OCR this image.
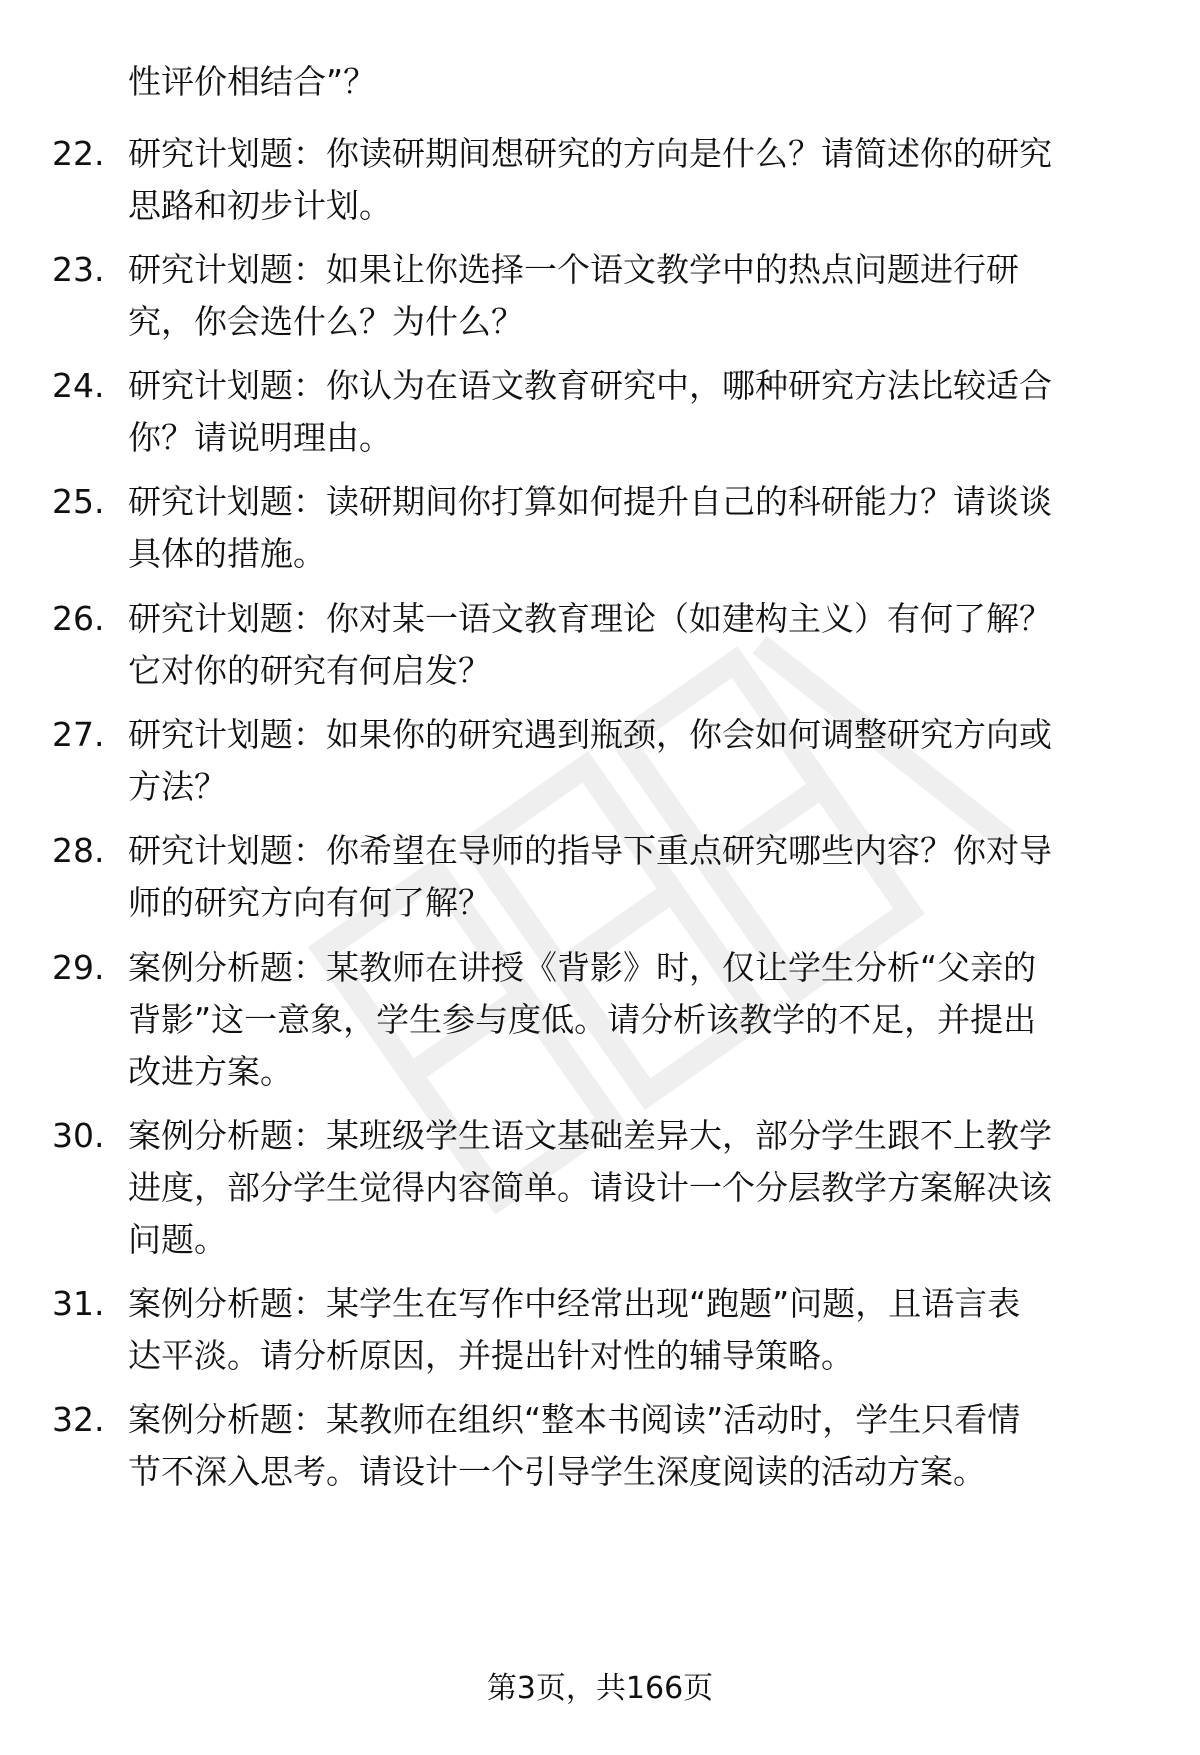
性评价相结合”？
22. 研究计划题：你读研期间想研究的方向是什么？请简述你的研究
思路和初步计划。
23. 研究计划题：如果让你选择一个语文教学中的热点问题进行研
究，你会选什么？为什么？
24. 研究计划题：你认为在语文教育研究中，哪种研究方法比较适合
你？请说明理由。
25. 研究计划题：读研期间你打算如何提升自己的科研能力？请谈谈
具体的措施。
26. 研究计划题：你对某一语文教育理论（如建构主义）有何了解？
它对你的研究有何启发？
27. 研究计划题：如果你的研究遇到瓶颈，你会如何调整研究方向或
方法？
28. 研究计划题：你希望在导师的指导下重点研究哪些内容？你对导
师的研究方向有何了解？
29. 案例分析题：某教师在讲授《背影》时，仅让学生分析“父亲的
背影”这一意象，学生参与度低。请分析该教学的不足，并提出
改进方案。
30. 案例分析题：某班级学生语文基础差异大，部分学生跟不上教学
进度，部分学生觉得内容简单。请设计一个分层教学方案解决该
问题。
31. 案例分析题：某学生在写作中经常出现“跑题”问题，且语言表
达平淡。请分析原因，并提出针对性的辅导策略。
32. 案例分析题：某教师在组织“整本书阅读”活动时，学生只看情
节不深入思考。请设计一个引导学生深度阅读的活动方案。
第3页，共166页
